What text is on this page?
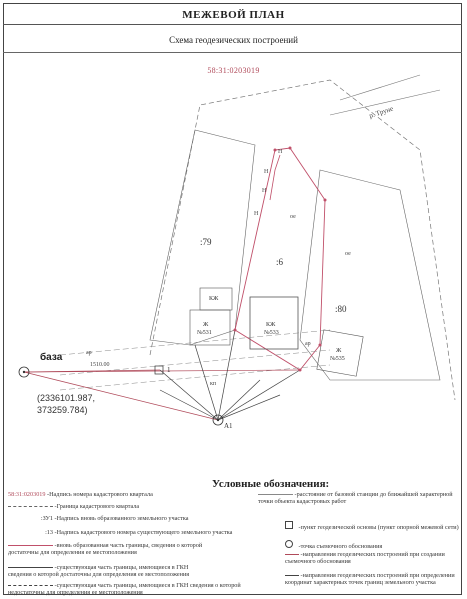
МЕЖЕВОЙ ПЛАН
Схема геодезических построений
58:31:0203019
р. Труне
:79
:6
:80
КЖ
Ж
№531
КЖ
№533
Ж
№535
база
(2336101.987,
373259.784)
А1
1
Н
Н
Н
Н	ое
ое
ар
ар
1510.00
кп
Условные обозначения:
58:31:0203019 -Надпись номера кадастрового квартала
-Граница кадастрового квартала
:ЗУ1 -Надпись вновь образованного земельного участка
:13 -Надпись кадастрового номера существующего земельного участка
-вновь образованная часть границы, сведения о которой достаточны для определения ее местоположения
-существующая часть границы, имеющиеся в ГКН сведения о которой достаточны для определения ее местоположения
-существующая часть границы, имеющиеся в ГКН сведения о которой недостаточны для определения ее местоположения
-расстояние от базовой станции до ближайшей характерной точки объекта кадастровых работ
-пункт геодезической основы (пункт опорной межевой сети)
-точка съемочного обоснования
-направления геодезических построений при создании съемочного обоснования
-направления геодезических построений при определении координат характерных точек границ земельного участка
